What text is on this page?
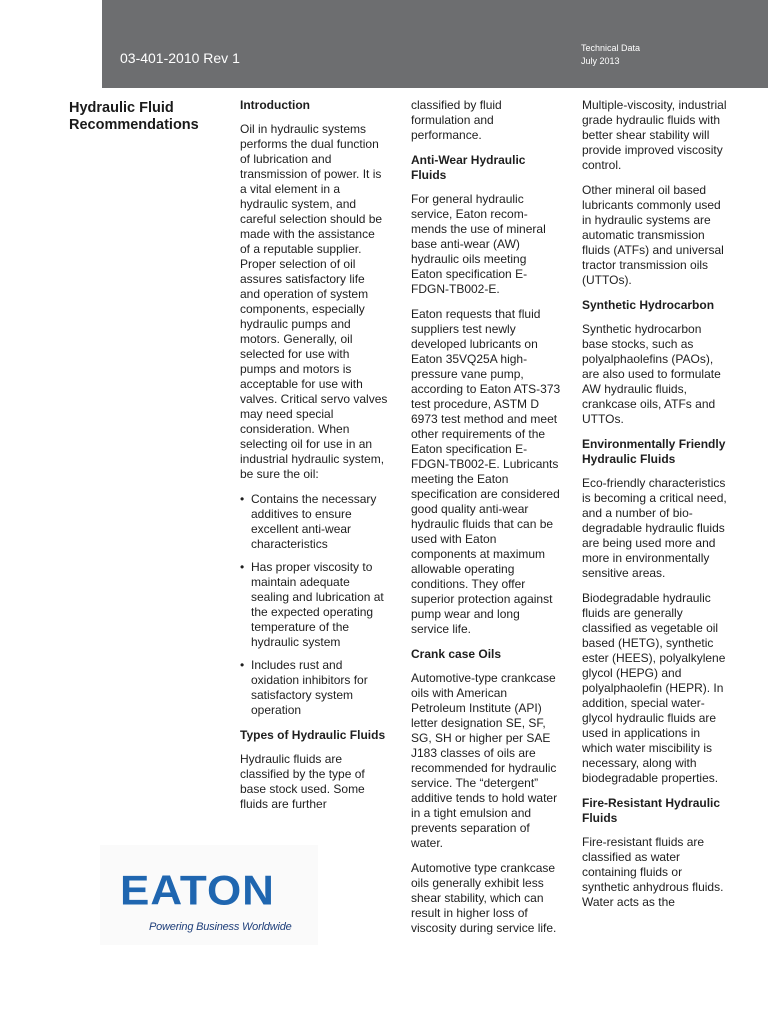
03-401-2010 Rev 1
Technical Data
July 2013
Hydraulic Fluid Recommendations
Introduction

Oil in hydraulic systems performs the dual function of lubrication and transmission of power. It is a vital element in a hydraulic system, and careful selection should be made with the assistance of a reputable supplier. Proper selection of oil assures satisfactory life and operation of system components, especially hydraulic pumps and motors. Generally, oil selected for use with pumps and motors is acceptable for use with valves. Critical servo valves may need special consideration. When selecting oil for use in an industrial hydraulic system, be sure the oil:

• Contains the necessary additives to ensure excellent anti-wear characteristics
• Has proper viscosity to maintain adequate sealing and lubrication at the expected operating temperature of the hydraulic system
• Includes rust and oxidation inhibitors for satisfactory system operation
Types of Hydraulic Fluids

Hydraulic fluids are classified by the type of base stock used. Some fluids are further

classified by fluid formulation and performance.

Anti-Wear Hydraulic Fluids

For general hydraulic service, Eaton recom-mends the use of mineral base anti-wear (AW) hydraulic oils meeting Eaton specification E-FDGN-TB002-E.

Eaton requests that fluid suppliers test newly developed lubricants on Eaton 35VQ25A high-pressure vane pump, according to Eaton ATS-373 test procedure, ASTM D 6973 test method and meet other requirements of the Eaton specification E-FDGN-TB002-E. Lubricants meeting the Eaton specification are considered good quality anti-wear hydraulic fluids that can be used with Eaton components at maximum allowable operating conditions. They offer superior protection against pump wear and long service life.

Crank case Oils

Automotive-type crankcase oils with American Petroleum Institute (API) letter designation SE, SF, SG, SH or higher per SAE J183 classes of oils are recommended for hydraulic service. The “detergent” additive tends to hold water in a tight emulsion and prevents separation of water.

Automotive type crankcase oils generally exhibit less shear stability, which can result in higher loss of viscosity during service life.

Multiple-viscosity, industrial grade hydraulic fluids with better shear stability will provide improved viscosity control.

Other mineral oil based lubricants commonly used in hydraulic systems are automatic transmission fluids (ATFs) and universal tractor transmission oils (UTTOs).

Synthetic Hydrocarbon

Synthetic hydrocarbon base stocks, such as polyalphaolefins (PAOs), are also used to formulate AW hydraulic fluids, crankcase oils, ATFs and UTTOs.

Environmentally Friendly Hydraulic Fluids

Eco-friendly characteristics is becoming a critical need, and a number of bio-degradable hydraulic fluids are being used more and more in environmentally sensitive areas.

Biodegradable hydraulic fluids are generally classified as vegetable oil based (HETG), synthetic ester (HEES), polyalkylene glycol (HEPG) and polyalphaolefin (HEPR). In addition, special water-glycol hydraulic fluids are used in applications in which water miscibility is necessary, along with biodegradable properties.

Fire-Resistant Hydraulic Fluids

Fire-resistant fluids are classified as water containing fluids or synthetic anhydrous fluids. Water acts as the

EATON
Powering Business Worldwide
